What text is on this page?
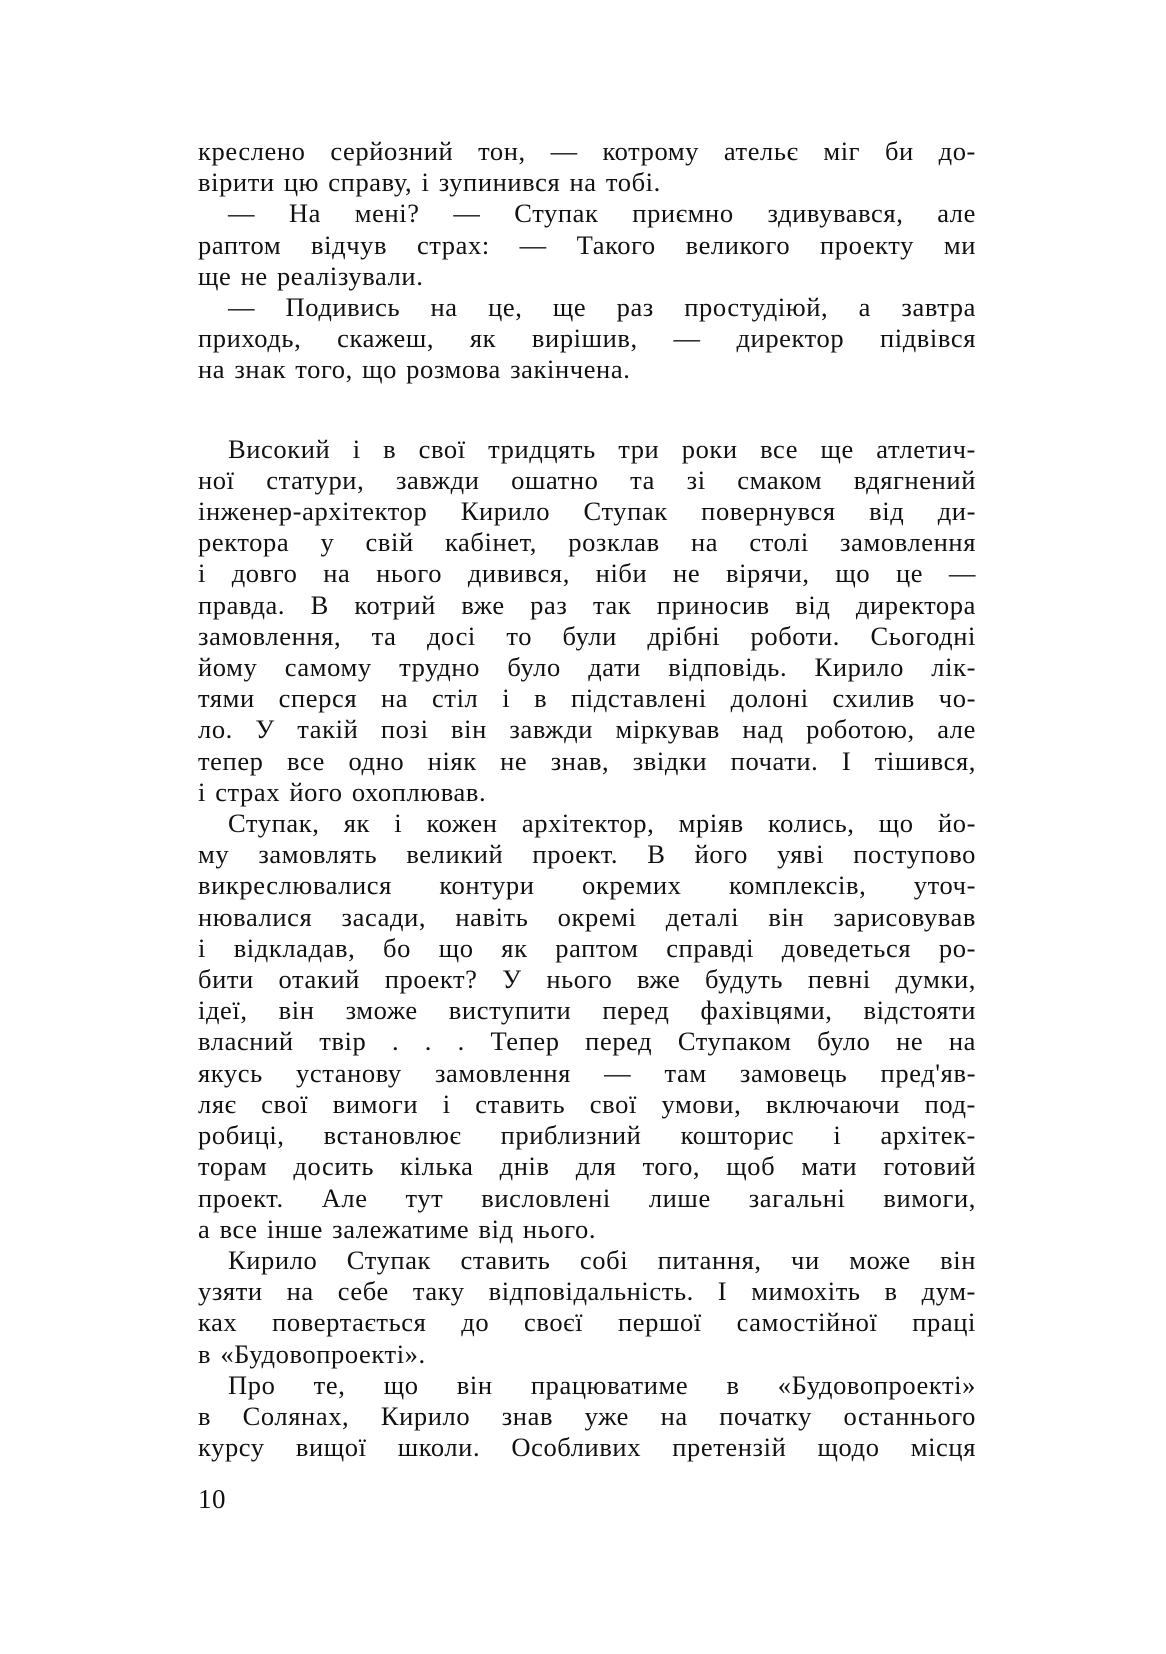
креслено серйозний тон, — котрому ательє міг би до-
вірити цю справу, і зупинився на тобі.
— На мені? — Ступак приємно здивувався, але
раптом відчув страх: — Такого великого проекту ми
ще не реалізували.
— Подивись на це, ще раз простудіюй, а завтра
приходь, скажеш, як вирішив, — директор підвівся
на знак того, що розмова закінчена.
Високий і в свої тридцять три роки все ще атлетич-
ної статури, завжди ошатно та зі смаком вдягнений
інженер-архітектор Кирило Ступак повернувся від ди-
ректора у свій кабінет, розклав на столі замовлення
і довго на нього дивився, ніби не вірячи, що це —
правда. В котрий вже раз так приносив від директора
замовлення, та досі то були дрібні роботи. Сьогодні
йому самому трудно було дати відповідь. Кирило лік-
тями сперся на стіл і в підставлені долоні схилив чо-
ло. У такій позі він завжди міркував над роботою, але
тепер все одно ніяк не знав, звідки почати. І тішився,
і страх його охоплював.
Ступак, як і кожен архітектор, мріяв колись, що йо-
му замовлять великий проект. В його уяві поступово
викреслювалися контури окремих комплексів, уточ-
нювалися засади, навіть окремі деталі він зарисовував
і відкладав, бо що як раптом справді доведеться ро-
бити отакий проект? У нього вже будуть певні думки,
ідеї, він зможе виступити перед фахівцями, відстояти
власний твір . . . Тепер перед Ступаком було не на
якусь установу замовлення — там замовець пред'яв-
ляє свої вимоги і ставить свої умови, включаючи под-
робиці, встановлює приблизний кошторис і архітек-
торам досить кілька днів для того, щоб мати готовий
проект. Але тут висловлені лише загальні вимоги,
а все інше залежатиме від нього.
Кирило Ступак ставить собі питання, чи може він
узяти на себе таку відповідальність. І мимохіть в дум-
ках повертається до своєї першої самостійної праці
в «Будовопроекті».
Про те, що він працюватиме в «Будовопроекті»
в Солянах, Кирило знав уже на початку останнього
курсу вищої школи. Особливих претензій щодо місця
10
